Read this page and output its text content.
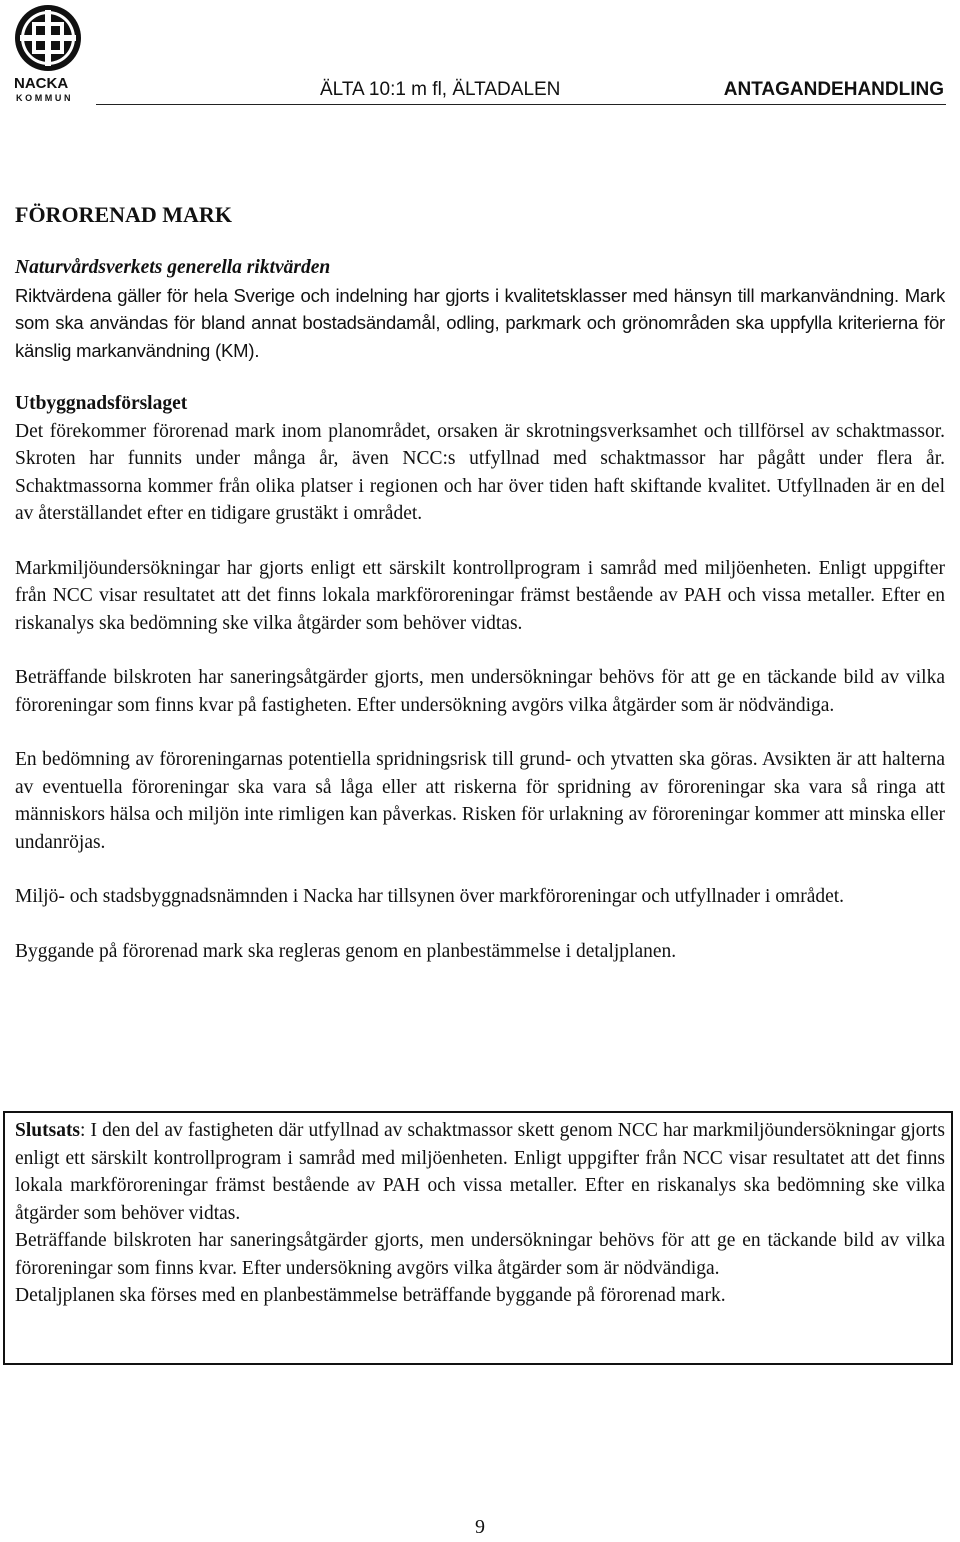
NACKA
KOMMUN	ÄLTA 10:1 m fl, ÄLTADALEN	ANTAGANDEHANDLING
FÖRORENAD MARK

Naturvårdsverkets generella riktvärden

Riktvärdena gäller för hela Sverige och indelning har gjorts i kvalitetsklasser med hänsyn till markanvändning. Mark som ska användas för bland annat bostadsändamål, odling, parkmark och grönområden ska uppfylla kriterierna för känslig markanvändning (KM).

Utbyggnadsförslaget

Det förekommer förorenad mark inom planområdet, orsaken är skrotningsverksamhet och tillförsel av schaktmassor. Skroten har funnits under många år, även NCC:s utfyllnad med schaktmassor har pågått under flera år. Schaktmassorna kommer från olika platser i regionen och har över tiden haft skiftande kvalitet. Utfyllnaden är en del av återställandet efter en tidigare grustäkt i området.

Markmiljöundersökningar har gjorts enligt ett särskilt kontrollprogram i samråd med miljöenheten. Enligt uppgifter från NCC visar resultatet att det finns lokala markföroreningar främst bestående av PAH och vissa metaller. Efter en riskanalys ska bedömning ske vilka åtgärder som behöver vidtas.

Beträffande bilskroten har saneringsåtgärder gjorts, men undersökningar behövs för att ge en täckande bild av vilka föroreningar som finns kvar på fastigheten. Efter undersökning avgörs vilka åtgärder som är nödvändiga.

En bedömning av föroreningarnas potentiella spridningsrisk till grund- och ytvatten ska göras. Avsikten är att halterna av eventuella föroreningar ska vara så låga eller att riskerna för spridning av föroreningar ska vara så ringa att människors hälsa och miljön inte rimligen kan påverkas. Risken för urlakning av föroreningar kommer att minska eller undanröjas.

Miljö- och stadsbyggnadsnämnden i Nacka har tillsynen över markföroreningar och utfyllnader i området.

Byggande på förorenad mark ska regleras genom en planbestämmelse i detaljplanen.

Slutsats: I den del av fastigheten där utfyllnad av schaktmassor skett genom NCC har markmiljöundersökningar gjorts enligt ett särskilt kontrollprogram i samråd med miljöenheten. Enligt uppgifter från NCC visar resultatet att det finns lokala markföroreningar främst bestående av PAH och vissa metaller. Efter en riskanalys ska bedömning ske vilka åtgärder som behöver vidtas.

Beträffande bilskroten har saneringsåtgärder gjorts, men undersökningar behövs för att ge en täckande bild av vilka föroreningar som finns kvar. Efter undersökning avgörs vilka åtgärder som är nödvändiga.

Detaljplanen ska förses med en planbestämmelse beträffande byggande på förorenad mark.

9
